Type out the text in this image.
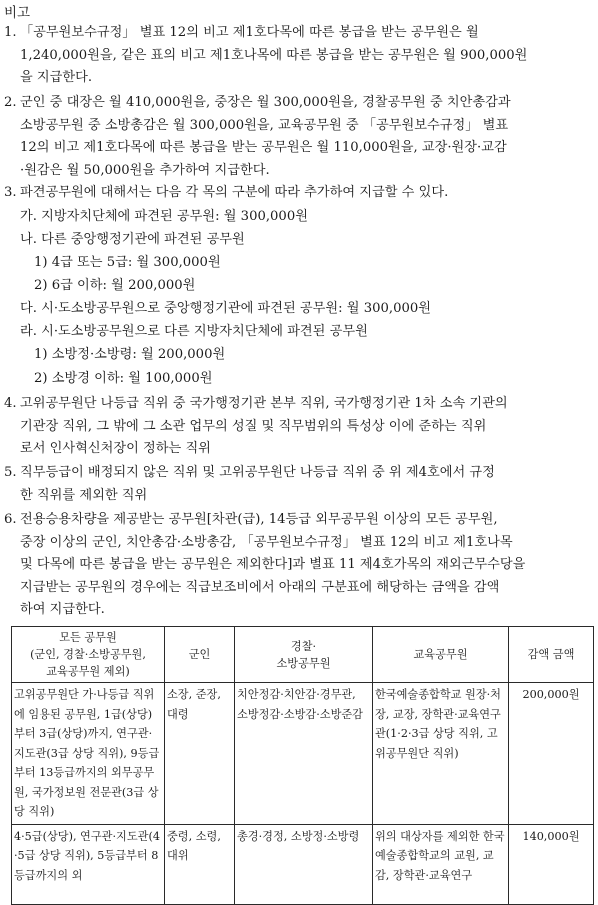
비고
1. 「공무원보수규정」 별표 12의 비고 제1호다목에 따른 봉급을 받는 공무원은 월
1,240,000원을, 같은 표의 비고 제1호나목에 따른 봉급을 받는 공무원은 월 900,000원
을 지급한다.
2. 군인 중 대장은 월 410,000원을, 중장은 월 300,000원을, 경찰공무원 중 치안총감과
소방공무원 중 소방총감은 월 300,000원을, 교육공무원 중 「공무원보수규정」 별표
12의 비고 제1호다목에 따른 봉급을 받는 공무원은 월 110,000원을, 교장·원장·교감
·원감은 월 50,000원을 추가하여 지급한다.
3. 파견공무원에 대해서는 다음 각 목의 구분에 따라 추가하여 지급할 수 있다.
가. 지방자치단체에 파견된 공무원: 월 300,000원
나. 다른 중앙행정기관에 파견된 공무원
1) 4급 또는 5급: 월 300,000원
2) 6급 이하: 월 200,000원
다. 시·도소방공무원으로 중앙행정기관에 파견된 공무원: 월 300,000원
라. 시·도소방공무원으로 다른 지방자치단체에 파견된 공무원
1) 소방정·소방령: 월 200,000원
2) 소방경 이하: 월 100,000원
4. 고위공무원단 나등급 직위 중 국가행정기관 본부 직위, 국가행정기관 1차 소속 기관의
기관장 직위, 그 밖에 그 소관 업무의 성질 및 직무범위의 특성상 이에 준하는 직위
로서 인사혁신처장이 정하는 직위
5. 직무등급이 배정되지 않은 직위 및 고위공무원단 나등급 직위 중 위 제4호에서 규정
한 직위를 제외한 직위
6. 전용승용차량을 제공받는 공무원[차관(급), 14등급 외무공무원 이상의 모든 공무원,
중장 이상의 군인, 치안총감·소방총감, 「공무원보수규정」 별표 12의 비고 제1호나목
및 다목에 따른 봉급을 받는 공무원은 제외한다]과 별표 11 제4호가목의 재외근무수당을
지급받는 공무원의 경우에는 직급보조비에서 아래의 구분표에 해당하는 금액을 감액
하여 지급한다.
모든 공무원
(군인, 경찰·소방공무원,
교육공무원 제외)	군인	경찰·
소방공무원	교육공무원	감액 금액
고위공무원단 가·나등급 직위에 임용된 공무원, 1급(상당)부터 3급(상당)까지, 연구관·지도관(3급 상당 직위), 9등급부터 13등급까지의 외무공무원, 국가정보원 전문관(3급 상당 직위)	소장, 준장, 대령	치안정감·치안감·경무관, 소방정감·소방감·소방준감	한국예술종합학교 원장·처장, 교장, 장학관·교육연구관(1·2·3급 상당 직위, 고위공무원단 직위)	200,000원
4·5급(상당), 연구관·지도관(4·5급 상당 직위), 5등급부터 8등급까지의 외	중령, 소령, 대위	총경·경정, 소방정·소방령	위의 대상자를 제외한 한국예술종합학교의 교원, 교감, 장학관·교육연구	140,000원
